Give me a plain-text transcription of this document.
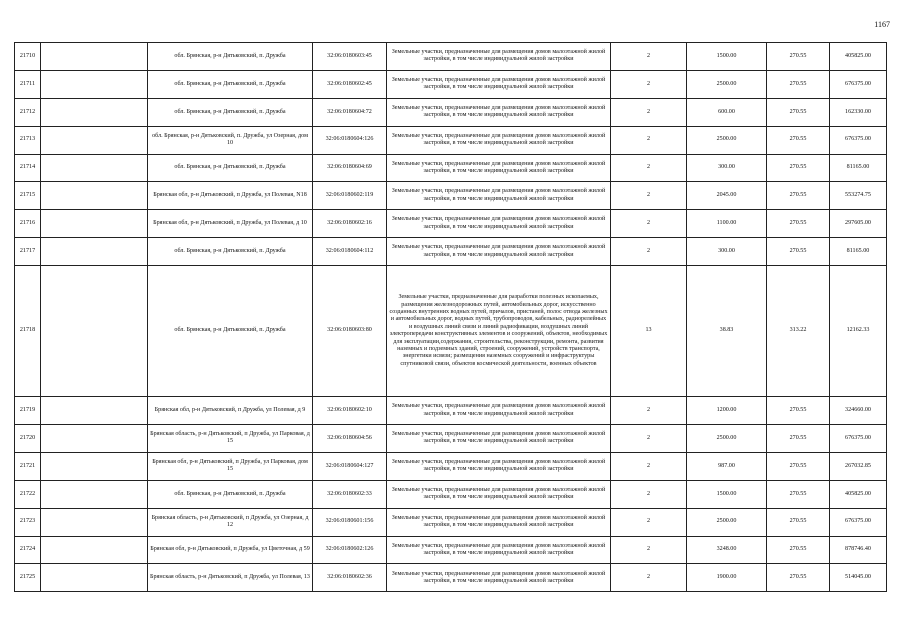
1167
21710		обл. Брянская, р-н Дятьковский, п. Дружба	32:06:0180603:45	Земельные участки, предназначенные для размещения домов малоэтажной жилой застройки, в том числе индивидуальной жилой застройки	2	1500.00	270.55	405825.00
21711		обл. Брянская, р-н Дятьковский, п. Дружба	32:06:0180602:45	Земельные участки, предназначенные для размещения домов малоэтажной жилой застройки, в том числе индивидуальной жилой застройки	2	2500.00	270.55	676375.00
21712		обл. Брянская, р-н Дятьковский, п. Дружба	32:06:0180604:72	Земельные участки, предназначенные для размещения домов малоэтажной жилой застройки, в том числе индивидуальной жилой застройки	2	600.00	270.55	162330.00
21713		обл. Брянская, р-н Дятьковский, п. Дружба, ул Озерная, дом 10	32:06:0180604:126	Земельные участки, предназначенные для размещения домов малоэтажной жилой застройки, в том числе индивидуальной жилой застройки	2	2500.00	270.55	676375.00
21714		обл. Брянская, р-н Дятьковский, п. Дружба	32:06:0180604:69	Земельные участки, предназначенные для размещения домов малоэтажной жилой застройки, в том числе индивидуальной жилой застройки	2	300.00	270.55	81165.00
21715		Брянская обл, р-н Дятьковский, п Дружба, ул Полевая, N18	32:06:0180602:119	Земельные участки, предназначенные для размещения домов малоэтажной жилой застройки, в том числе индивидуальной жилой застройки	2	2045.00	270.55	553274.75
21716		Брянская обл, р-н Дятьковский, п Дружба, ул Полевая, д 10	32:06:0180602:16	Земельные участки, предназначенные для размещения домов малоэтажной жилой застройки, в том числе индивидуальной жилой застройки	2	1100.00	270.55	297605.00
21717		обл. Брянская, р-н Дятьковский, п. Дружба	32:06:0180604:112	Земельные участки, предназначенные для размещения домов малоэтажной жилой застройки, в том числе индивидуальной жилой застройки	2	300.00	270.55	81165.00
21718		обл. Брянская, р-н Дятьковский, п. Дружба	32:06:0180603:80	Земельные участки, предназначенные для разработки полезных ископаемых, размещения железнодорожных путей, автомобильных дорог, искусственно созданных внутренних водных путей, причалов, пристаней, полос отвода железных и автомобильных дорог, водных путей, трубопроводов, кабельных, радиорелейных и воздушных линий связи и линий радиофикации, воздушных линий электропередачи конструктивных элементов и сооружений, объектов, необходимых для эксплуатации,содержания, строительства, реконструкции, ремонта, развития наземных и подземных зданий, строений, сооружений, устройств транспорта, энергетики исвязи; размещения наземных сооружений и инфраструктуры спутниковой связи, объектов космической деятельности, военных объектов	13	38.83	313.22	12162.33
21719		Брянская обл, р-н Дятьковский, п Дружба, ул Полевая, д 9	32:06:0180602:10	Земельные участки, предназначенные для размещения домов малоэтажной жилой застройки, в том числе индивидуальной жилой застройки	2	1200.00	270.55	324660.00
21720		Брянская область, р-н Дятьковский, п Дружба, ул Парковая, д 15	32:06:0180604:56	Земельные участки, предназначенные для размещения домов малоэтажной жилой застройки, в том числе индивидуальной жилой застройки	2	2500.00	270.55	676375.00
21721		Брянская обл, р-н Дятьковский, п Дружба, ул Парковая, дом 15	32:06:0180604:127	Земельные участки, предназначенные для размещения домов малоэтажной жилой застройки, в том числе индивидуальной жилой застройки	2	987.00	270.55	267032.85
21722		обл. Брянская, р-н Дятьковский, п. Дружба	32:06:0180602:33	Земельные участки, предназначенные для размещения домов малоэтажной жилой застройки, в том числе индивидуальной жилой застройки	2	1500.00	270.55	405825.00
21723		Брянская область, р-н Дятьковский, п Дружба, ул Озерная, д 12	32:06:0180601:156	Земельные участки, предназначенные для размещения домов малоэтажной жилой застройки, в том числе индивидуальной жилой застройки	2	2500.00	270.55	676375.00
21724		Брянская обл, р-н Дятьковский, п Дружба, ул Цветочная, д 59	32:06:0180602:126	Земельные участки, предназначенные для размещения домов малоэтажной жилой застройки, в том числе индивидуальной жилой застройки	2	3248.00	270.55	878746.40
21725		Брянская область, р-н Дятьковский, п Дружба, ул Полевая, 13	32:06:0180602:36	Земельные участки, предназначенные для размещения домов малоэтажной жилой застройки, в том числе индивидуальной жилой застройки	2	1900.00	270.55	514045.00
